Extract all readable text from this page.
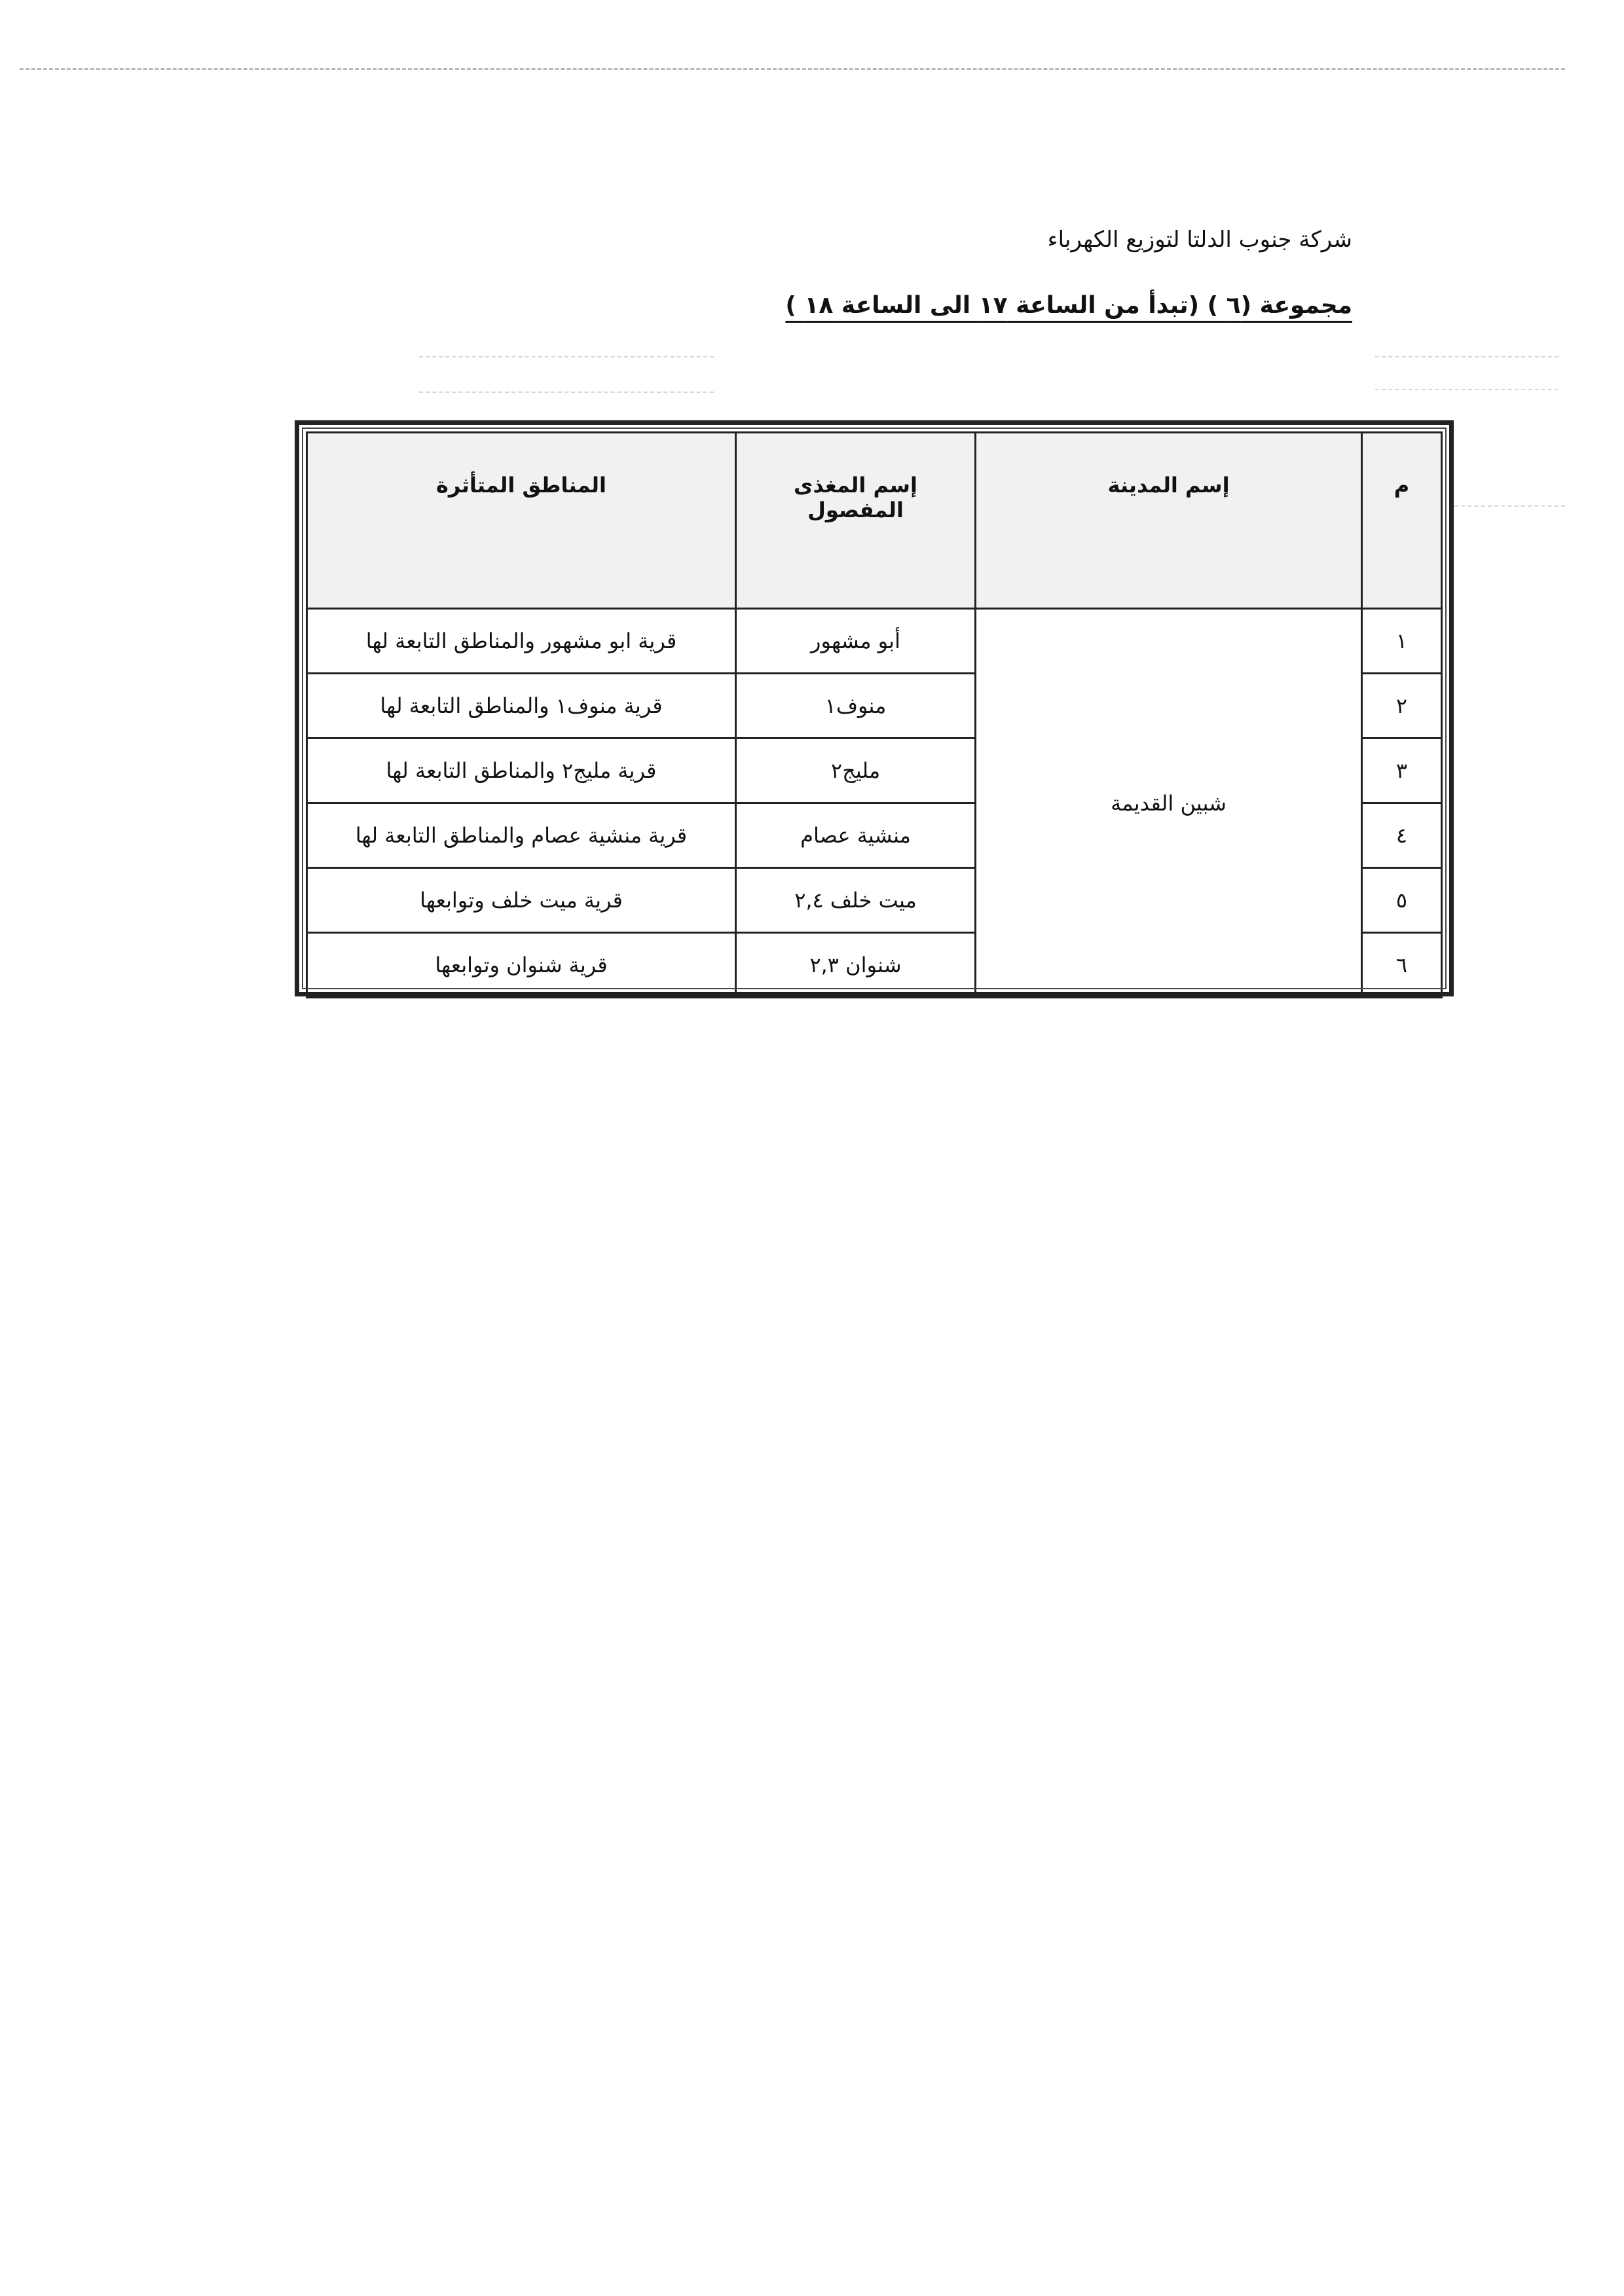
شركة جنوب الدلتا لتوزيع الكهرباء
مجموعة (٦ ) (تبدأ من الساعة ١٧ الى الساعة ١٨ )
م	إسم المدينة	إسم المغذى المفصول	المناطق المتأثرة
١	شبين القديمة	أبو مشهور	قرية ابو مشهور والمناطق التابعة لها
٢		منوف١	قرية منوف١ والمناطق التابعة لها
٣		مليج٢	قرية مليج٢ والمناطق التابعة لها
٤		منشية عصام	قرية منشية عصام والمناطق التابعة لها
٥		ميت خلف ٢,٤	قرية ميت خلف وتوابعها
٦		شنوان ٢,٣	قرية شنوان وتوابعها
